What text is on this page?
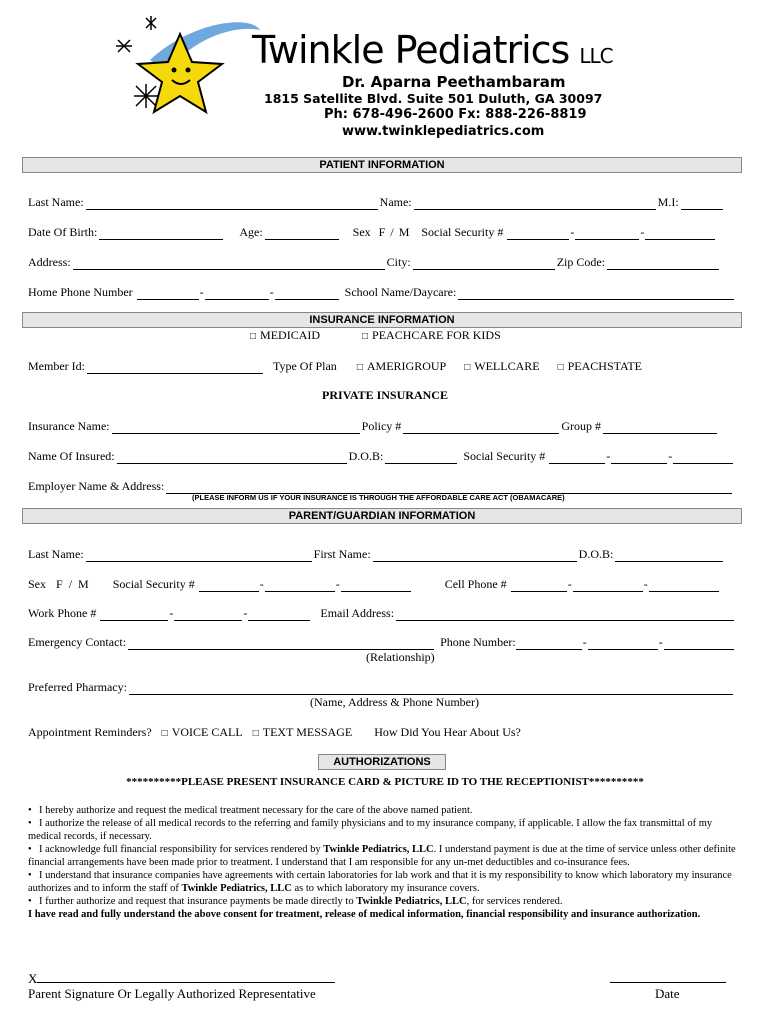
Twinkle Pediatrics LLC
Dr. Aparna Peethambaram
1815 Satellite Blvd. Suite 501 Duluth, GA 30097
Ph: 678-496-2600 Fx: 888-226-8819
www.twinklepediatrics.com
PATIENT INFORMATION
Last Name:	Name:	M.I:
Date Of Birth:	Age:	Sex F / M Social Security #	-	-
Address:	City:	Zip Code:
Home Phone Number	-	-	School Name/Daycare:
INSURANCE INFORMATION
□ MEDICAID	□ PEACHCARE FOR KIDS
Member Id:	Type Of Plan □ AMERIGROUP □ WELLCARE □ PEACHSTATE
PRIVATE INSURANCE
Insurance Name:	Policy #	Group #
Name Of Insured:	D.O.B:	Social Security #	-	-
Employer Name & Address:
(PLEASE INFORM US IF YOUR INSURANCE IS THROUGH THE AFFORDABLE CARE ACT (OBAMACARE)
PARENT/GUARDIAN INFORMATION
Last Name:	First Name:	D.O.B:
Sex F / M Social Security #	-	-	Cell Phone #	-	-
Work Phone #	-	-	Email Address:
Emergency Contact:	Phone Number:	-	-
(Relationship)
Preferred Pharmacy:
(Name, Address & Phone Number)
Appointment Reminders? □ VOICE CALL □ TEXT MESSAGE How Did You Hear About Us?
AUTHORIZATIONS
**********PLEASE PRESENT INSURANCE CARD & PICTURE ID TO THE RECEPTIONIST**********

• I hereby authorize and request the medical treatment necessary for the care of the above named patient.

• I authorize the release of all medical records to the referring and family physicians and to my insurance company, if applicable. I allow the fax transmittal of my medical records, if necessary.

• I acknowledge full financial responsibility for services rendered by Twinkle Pediatrics, LLC. I understand payment is due at the time of service unless other definite financial arrangements have been made prior to treatment. I understand that I am responsible for any un-met deductibles and co-insurance fees.

• I understand that insurance companies have agreements with certain laboratories for lab work and that it is my responsibility to know which laboratory my insurance authorizes and to inform the staff of Twinkle Pediatrics, LLC as to which laboratory my insurance covers.

• I further authorize and request that insurance payments be made directly to Twinkle Pediatrics, LLC, for services rendered.

I have read and fully understand the above consent for treatment, release of medical information, financial responsibility and insurance authorization.

X
Parent Signature Or Legally Authorized Representative	Date
